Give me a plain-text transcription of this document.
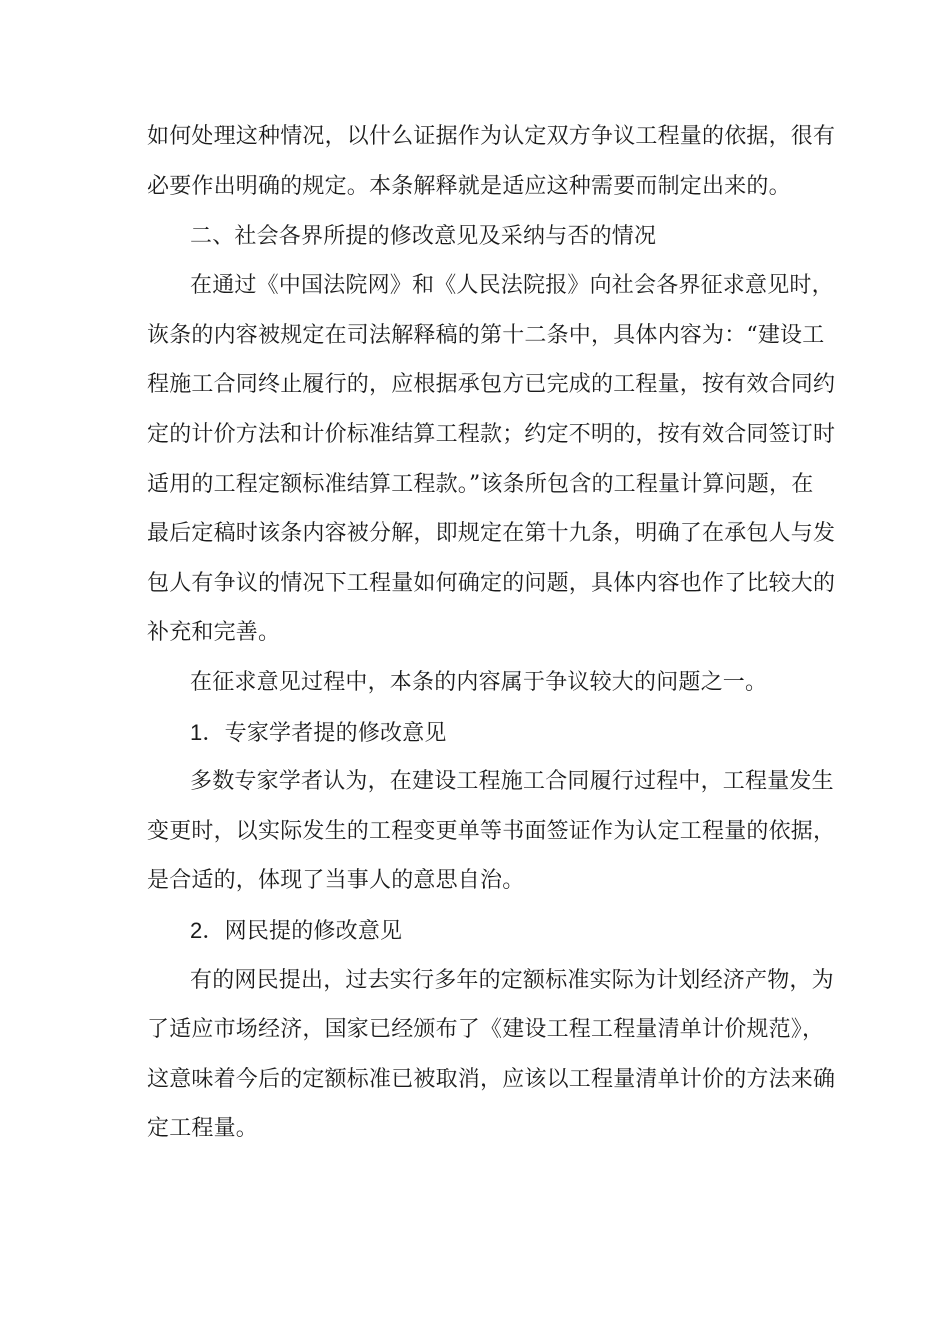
如何处理这种情况，以什么证据作为认定双方争议工程量的依据，很有
必要作出明确的规定。本条解释就是适应这种需要而制定出来的。
二、社会各界所提的修改意见及采纳与否的情况
在通过《中国法院网》和《人民法院报》向社会各界征求意见时，
诙条的内容被规定在司法解释稿的第十二条中，具体内容为：“建设工
程施工合同终止履行的，应根据承包方已完成的工程量，按有效合同约
定的计价方法和计价标准结算工程款；约定不明的，按有效合同签订时
适用的工程定额标准结算工程款。”该条所包含的工程量计算问题，在
最后定稿时该条内容被分解，即规定在第十九条，明确了在承包人与发
包人有争议的情况下工程量如何确定的问题，具体内容也作了比较大的
补充和完善。
在征求意见过程中，本条的内容属于争议较大的问题之一。
1．专家学者提的修改意见
多数专家学者认为，在建设工程施工合同履行过程中，工程量发生
变更时，以实际发生的工程变更单等书面签证作为认定工程量的依据，
是合适的，体现了当事人的意思自治。
2．网民提的修改意见
有的网民提出，过去实行多年的定额标准实际为计划经济产物，为
了适应市场经济，国家已经颁布了《建设工程工程量清单计价规范》，
这意味着今后的定额标准已被取消，应该以工程量清单计价的方法来确
定工程量。
